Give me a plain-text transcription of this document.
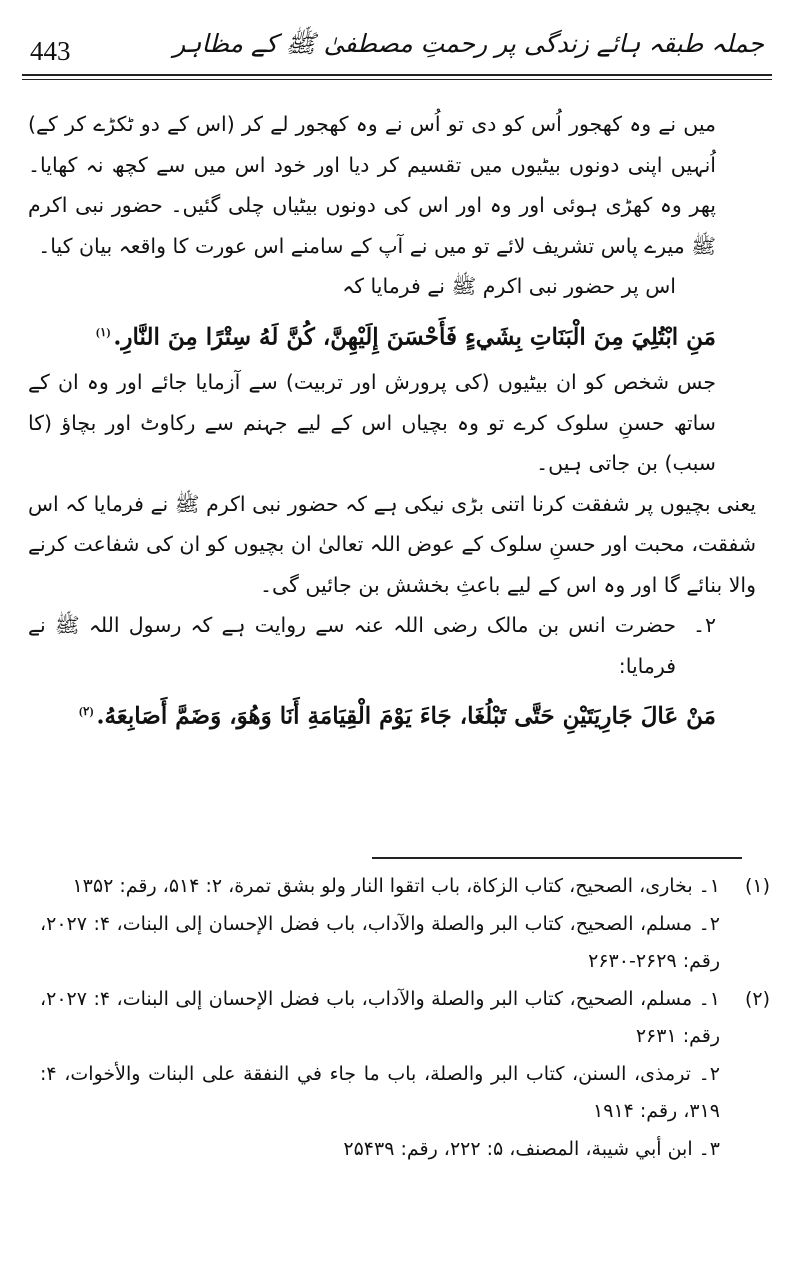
443	جملہ طبقہ ہائے زندگی پر رحمتِ مصطفیٰ ﷺ کے مظاہر

میں نے وہ کھجور اُس کو دی تو اُس نے وہ کھجور لے کر (اس کے دو ٹکڑے کر کے) اُنہیں اپنی دونوں بیٹیوں میں تقسیم کر دیا اور خود اس میں سے کچھ نہ کھایا۔ پھر وہ کھڑی ہوئی اور وہ اور اس کی دونوں بیٹیاں چلی گئیں۔ حضور نبی اکرم ﷺ میرے پاس تشریف لائے تو میں نے آپ کے سامنے اس عورت کا واقعہ بیان کیا۔

اس پر حضور نبی اکرم ﷺ نے فرمایا کہ

مَنِ ابْتُلِيَ مِنَ الْبَنَاتِ بِشَيءٍ فَأَحْسَنَ إِلَيْهِنَّ، كُنَّ لَهُ سِتْرًا مِنَ النَّارِ.$^{(۱)}$

جس شخص کو ان بیٹیوں (کی پرورش اور تربیت) سے آزمایا جائے اور وہ ان کے ساتھ حسنِ سلوک کرے تو وہ بچیاں اس کے لیے جہنم سے رکاوٹ اور بچاؤ (کا سبب) بن جاتی ہیں۔

یعنی بچیوں پر شفقت کرنا اتنی بڑی نیکی ہے کہ حضور نبی اکرم ﷺ نے فرمایا کہ اس شفقت، محبت اور حسنِ سلوک کے عوض اللہ تعالیٰ ان بچیوں کو ان کی شفاعت کرنے والا بنائے گا اور وہ اس کے لیے باعثِ بخشش بن جائیں گی۔

۲۔
حضرت انس بن مالک رضی اللہ عنہ سے روایت ہے کہ رسول اللہ ﷺ نے فرمایا:

مَنْ عَالَ جَارِيَتَيْنِ حَتَّى تَبْلُغَا، جَاءَ يَوْمَ الْقِيَامَةِ أَنَا وَهُوَ، وَضَمَّ أَصَابِعَهُ.$^{(۲)}$

(۱)

۱۔ بخاری، الصحیح، كتاب الزكاة، باب اتقوا النار ولو بشق تمرة، ۲: ۵۱۴، رقم: ۱۳۵۲

۲۔ مسلم، الصحیح، كتاب البر والصلة والآداب، باب فضل الإحسان إلى البنات، ۴: ۲۰۲۷، رقم: ۲۶۲۹-۲۶۳۰

(۲)

۱۔ مسلم، الصحیح، كتاب البر والصلة والآداب، باب فضل الإحسان إلى البنات، ۴: ۲۰۲۷، رقم: ۲۶۳۱

۲۔ ترمذی، السنن، كتاب البر والصلة، باب ما جاء في النفقة على البنات والأخوات، ۴: ۳۱۹، رقم: ۱۹۱۴

۳۔ ابن أبي شيبة، المصنف، ۵: ۲۲۲، رقم: ۲۵۴۳۹
